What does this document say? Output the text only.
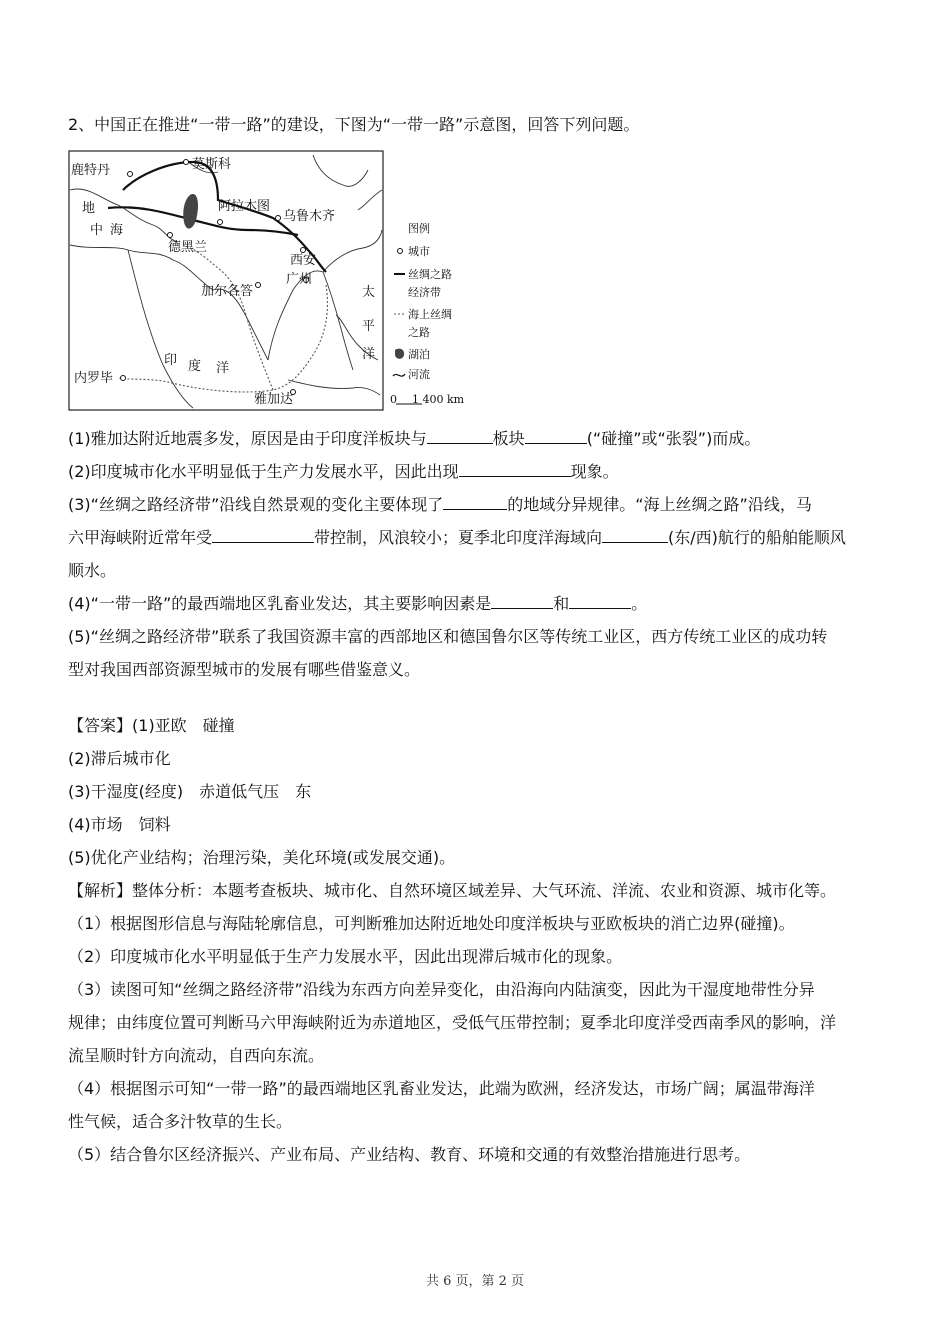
2、中国正在推进“一带一路”的建设，下图为“一带一路”示意图，回答下列问题。
莫斯科
鹿特丹
阿拉木图
乌鲁木齐
德黑兰
西安
广州
加尔各答
内罗毕
雅加达
地
中 海
印 度 洋
太
平
洋
图例
城市
丝绸之路
经济带
海上丝绸
之路
湖泊
河流
0 1 400 km
(1)雅加达附近地震多发，原因是由于印度洋板块与	板块	(“碰撞”或“张裂”)而成。
(2)印度城市化水平明显低于生产力发展水平，因此出现	现象。
(3)“丝绸之路经济带”沿线自然景观的变化主要体现了	的地域分异规律。“海上丝绸之路”沿线，马
六甲海峡附近常年受	带控制，风浪较小；夏季北印度洋海域向	(东/西)航行的船舶能顺风
顺水。
(4)“一带一路”的最西端地区乳畜业发达，其主要影响因素是	和	。
(5)“丝绸之路经济带”联系了我国资源丰富的西部地区和德国鲁尔区等传统工业区，西方传统工业区的成功转
型对我国西部资源型城市的发展有哪些借鉴意义。
【答案】(1)亚欧　碰撞
(2)滞后城市化
(3)干湿度(经度)　赤道低气压　东
(4)市场　饲料
(5)优化产业结构；治理污染，美化环境(或发展交通)。
【解析】整体分析：本题考查板块、城市化、自然环境区域差异、大气环流、洋流、农业和资源、城市化等。
（1）根据图形信息与海陆轮廓信息，可判断雅加达附近地处印度洋板块与亚欧板块的消亡边界(碰撞)。
（2）印度城市化水平明显低于生产力发展水平，因此出现滞后城市化的现象。
（3）读图可知“丝绸之路经济带”沿线为东西方向差异变化，由沿海向内陆演变，因此为干湿度地带性分异
规律；由纬度位置可判断马六甲海峡附近为赤道地区，受低气压带控制；夏季北印度洋受西南季风的影响，洋
流呈顺时针方向流动，自西向东流。
（4）根据图示可知“一带一路”的最西端地区乳畜业发达，此端为欧洲，经济发达，市场广阔；属温带海洋
性气候，适合多汁牧草的生长。
（5）结合鲁尔区经济振兴、产业布局、产业结构、教育、环境和交通的有效整治措施进行思考。
共 6 页，第 2 页
